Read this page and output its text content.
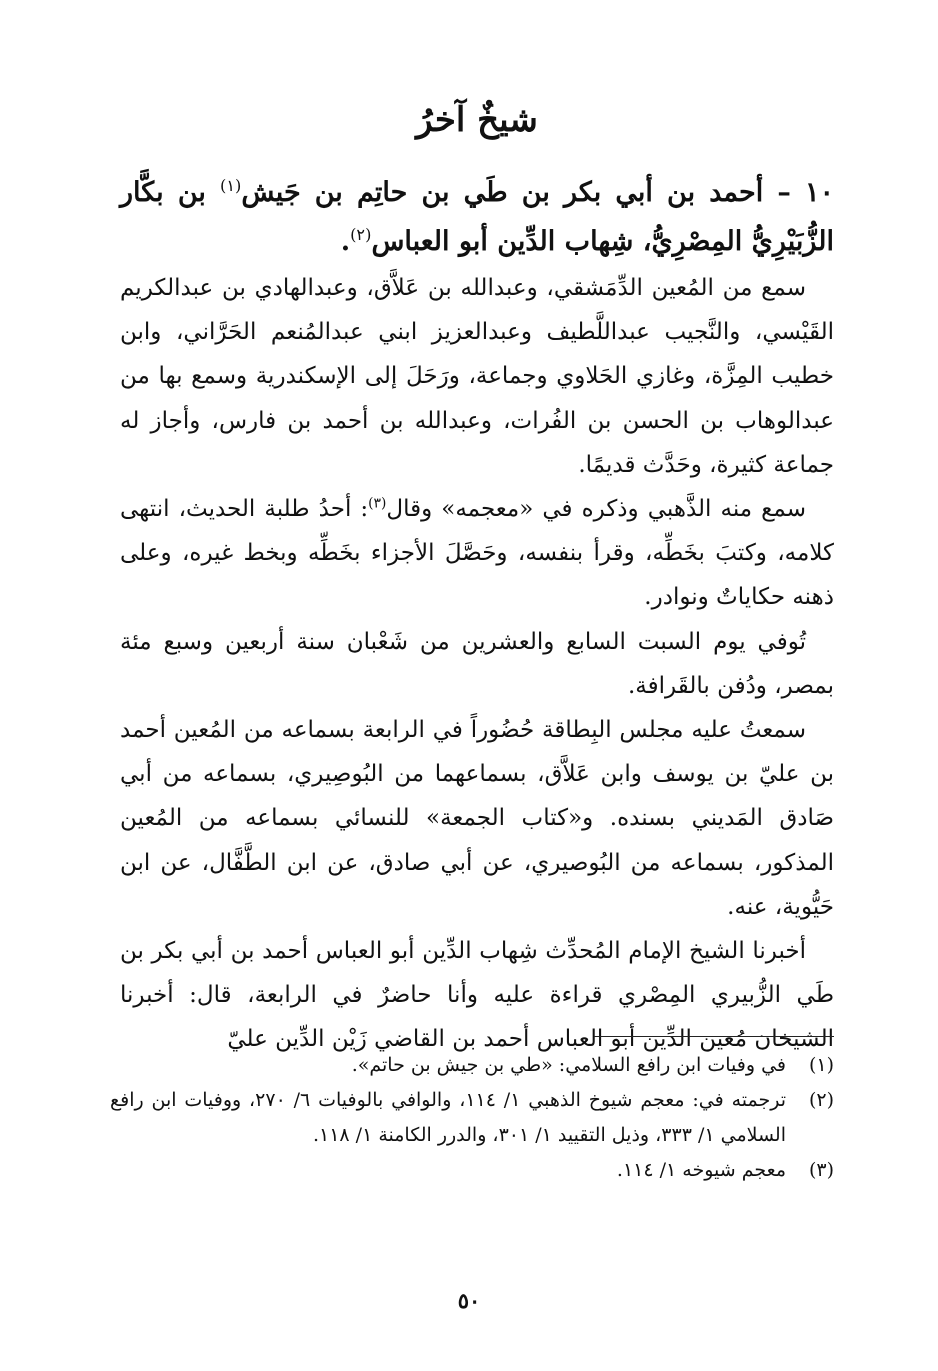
شيخٌ آخرُ

١٠ – أحمد بن أبي بكر بن طَي بن حاتِم بن جَيش$^{(١)}$ بن بكَّار الزُّبَيْرِيُّ المِصْرِيُّ، شِهاب الدِّين أبو العباس$^{(٢)}$.

سمع من المُعين الدِّمَشقي، وعبدالله بن عَلاَّق، وعبدالهادي بن عبدالكريم القَيْسي، والنَّجيب عبداللَّطيف وعبدالعزيز ابني عبدالمُنعم الحَرَّاني، وابن خطيب المِزَّة، وغازي الحَلاوي وجماعة، ورَحَلَ إلى الإسكندرية وسمع بها من عبدالوهاب بن الحسن بن الفُرات، وعبدالله بن أحمد بن فارس، وأجاز له جماعة كثيرة، وحَدَّث قديمًا.

سمع منه الذَّهبي وذكره في «معجمه» وقال$^{(٣)}$: أحدُ طلبة الحديث، انتهى كلامه، وكتبَ بخَطِّه، وقرأ بنفسه، وحَصَّلَ الأجزاء بخَطِّه وبخط غيره، وعلى ذهنه حكاياتٌ ونوادر.

تُوفي يوم السبت السابع والعشرين من شَعْبان سنة أربعين وسبع مئة بمصر، ودُفن بالقَرافة.

سمعتُ عليه مجلس البِطاقة حُضُوراً في الرابعة بسماعه من المُعين أحمد بن عليّ بن يوسف وابن عَلاَّق، بسماعهما من البُوصِيري، بسماعه من أبي صَادق المَديني بسنده. و«كتاب الجمعة» للنسائي بسماعه من المُعين المذكور، بسماعه من البُوصيري، عن أبي صادق، عن ابن الطَّفَّال، عن ابن حَيُّوية، عنه.

أخبرنا الشيخ الإمام المُحدِّث شِهاب الدِّين أبو العباس أحمد بن أبي بكر بن طَي الزُّبيري المِصْري قراءة عليه وأنا حاضرٌ في الرابعة، قال: أخبرنا الشيخان مُعين الدِّين أبو العباس أحمد بن القاضي زَيْن الدِّين عليّ

(١)
في وفيات ابن رافع السلامي: «طي بن جيش بن حاتم».
(٢)
ترجمته في: معجم شيوخ الذهبي ١/ ١١٤، والوافي بالوفيات ٦/ ٢٧٠، ووفيات ابن رافع السلامي ١/ ٣٣٣، وذيل التقييد ١/ ٣٠١، والدرر الكامنة ١/ ١١٨.
(٣)
معجم شيوخه ١/ ١١٤.
٥٠
